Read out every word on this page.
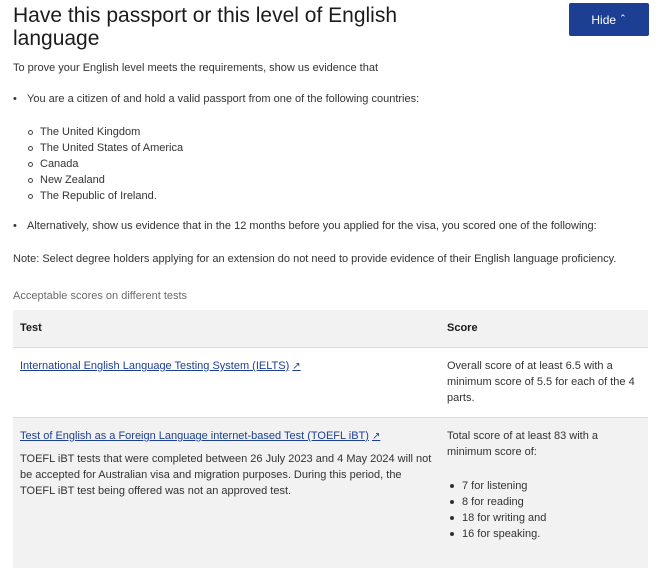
Have this passport or this level of English language
Hide ⌃

To prove your English level meets the requirements, show us evidence that

• You are a citizen of and hold a valid passport from one of the following countries:
The United Kingdom
The United States of America
Canada
New Zealand
The Republic of Ireland.
• Alternatively, show us evidence that in the 12 months before you applied for the visa, you scored one of the following:

Note: Select degree holders applying for an extension do not need to provide evidence of their English language proficiency.

Acceptable scores on different tests

Test	Score
International English Language Testing System (IELTS) ↗	Overall score of at least 6.5 with a minimum score of 5.5 for each of the 4 parts.
Test of English as a Foreign Language internet-based Test (TOEFL iBT) ↗

TOEFL iBT tests that were completed between 26 July 2023 and 4 May 2024 will not be accepted for Australian visa and migration purposes. During this period, the TOEFL iBT test being offered was not an approved test.

Total score of at least 83 with a minimum score of:

7 for listening
8 for reading
18 for writing and
16 for speaking.
